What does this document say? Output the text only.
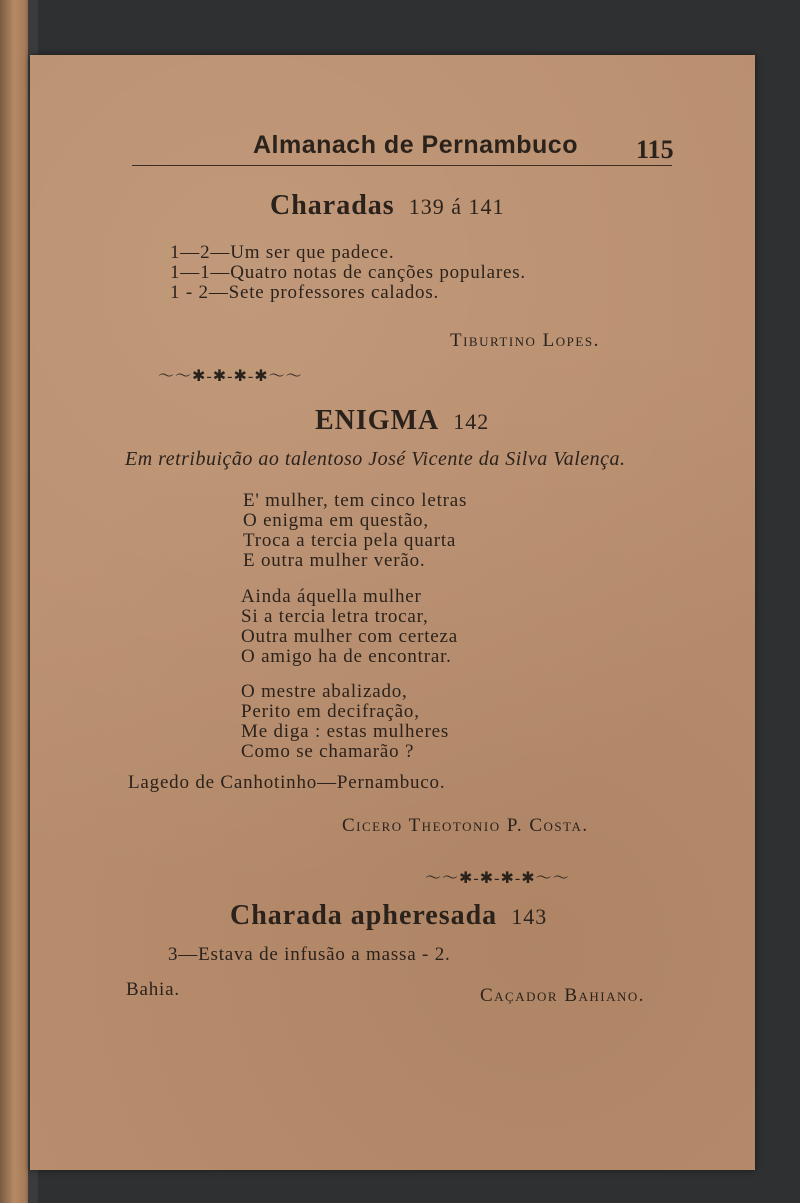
Almanach de Pernambuco 115
Charadas 139 á 141
1—2—Um ser que padece.
1—1—Quatro notas de canções populares.
1 - 2—Sete professores calados.
Tiburtino Lopes.
〜〜✱-✱-✱-✱〜〜
ENIGMA 142
Em retribuição ao talentoso José Vicente da Silva Valença.
E' mulher, tem cinco letras
O enigma em questão,
Troca a tercia pela quarta
E outra mulher verão.
Ainda áquella mulher
Si a tercia letra trocar,
Outra mulher com certeza
O amigo ha de encontrar.
O mestre abalizado,
Perito em decifração,
Me diga : estas mulheres
Como se chamarão ?
Lagedo de Canhotinho—Pernambuco.
Cicero Theotonio P. Costa.
〜〜✱-✱-✱-✱〜〜
Charada apheresada 143
3—Estava de infusão a massa - 2.
Bahia.	Caçador Bahiano.
